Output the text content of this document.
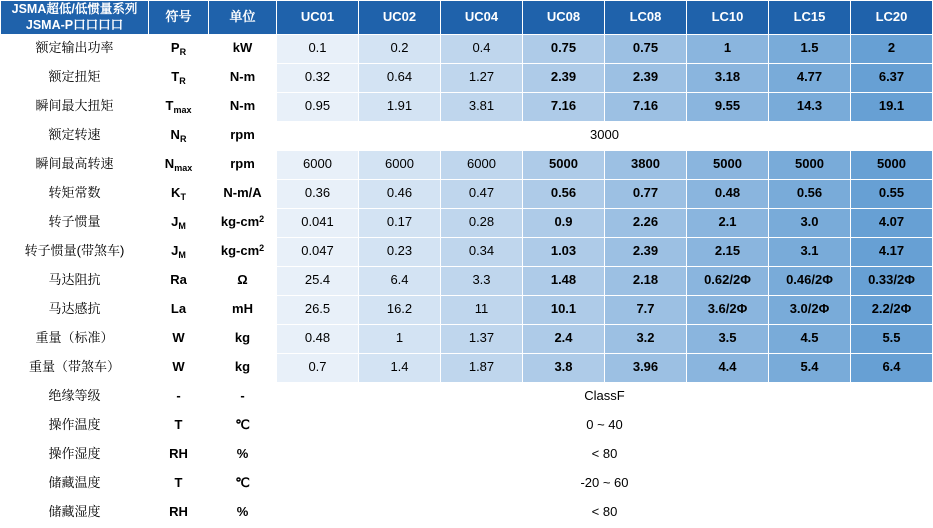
JSMA超低/低惯量系列
JSMA-P口口口口	符号	单位	UC01	UC02	UC04	UC08	LC08	LC10	LC15	LC20
额定输出功率	$P_R$	kW	0.1	0.2	0.4	0.75	0.75	1	1.5	2
额定扭矩	$T_R$	N-m	0.32	0.64	1.27	2.39	2.39	3.18	4.77	6.37
瞬间最大扭矩	$T_{max}$	N-m	0.95	1.91	3.81	7.16	7.16	9.55	14.3	19.1
额定转速	$N_R$	rpm	3000							
瞬间最高转速	$N_{max}$	rpm	6000	6000	6000	5000	3800	5000	5000	5000
转矩常数	$K_T$	N-m/A	0.36	0.46	0.47	0.56	0.77	0.48	0.56	0.55
转子惯量	$J_M$	$kg-cm^2$	0.041	0.17	0.28	0.9	2.26	2.1	3.0	4.07
转子惯量(带煞车)	$J_M$	$kg-cm^2$	0.047	0.23	0.34	1.03	2.39	2.15	3.1	4.17
马达阻抗	Ra	Ω	25.4	6.4	3.3	1.48	2.18	0.62/2Φ	0.46/2Φ	0.33/2Φ
马达感抗	La	mH	26.5	16.2	11	10.1	7.7	3.6/2Φ	3.0/2Φ	2.2/2Φ
重量（标准）	W	kg	0.48	1	1.37	2.4	3.2	3.5	4.5	5.5
重量（带煞车）	W	kg	0.7	1.4	1.87	3.8	3.96	4.4	5.4	6.4
绝缘等级	-	-	ClassF							
操作温度	T	℃	0 ~ 40							
操作湿度	RH	%	< 80							
储藏温度	T	℃	-20 ~ 60							
储藏湿度	RH	%	< 80							
